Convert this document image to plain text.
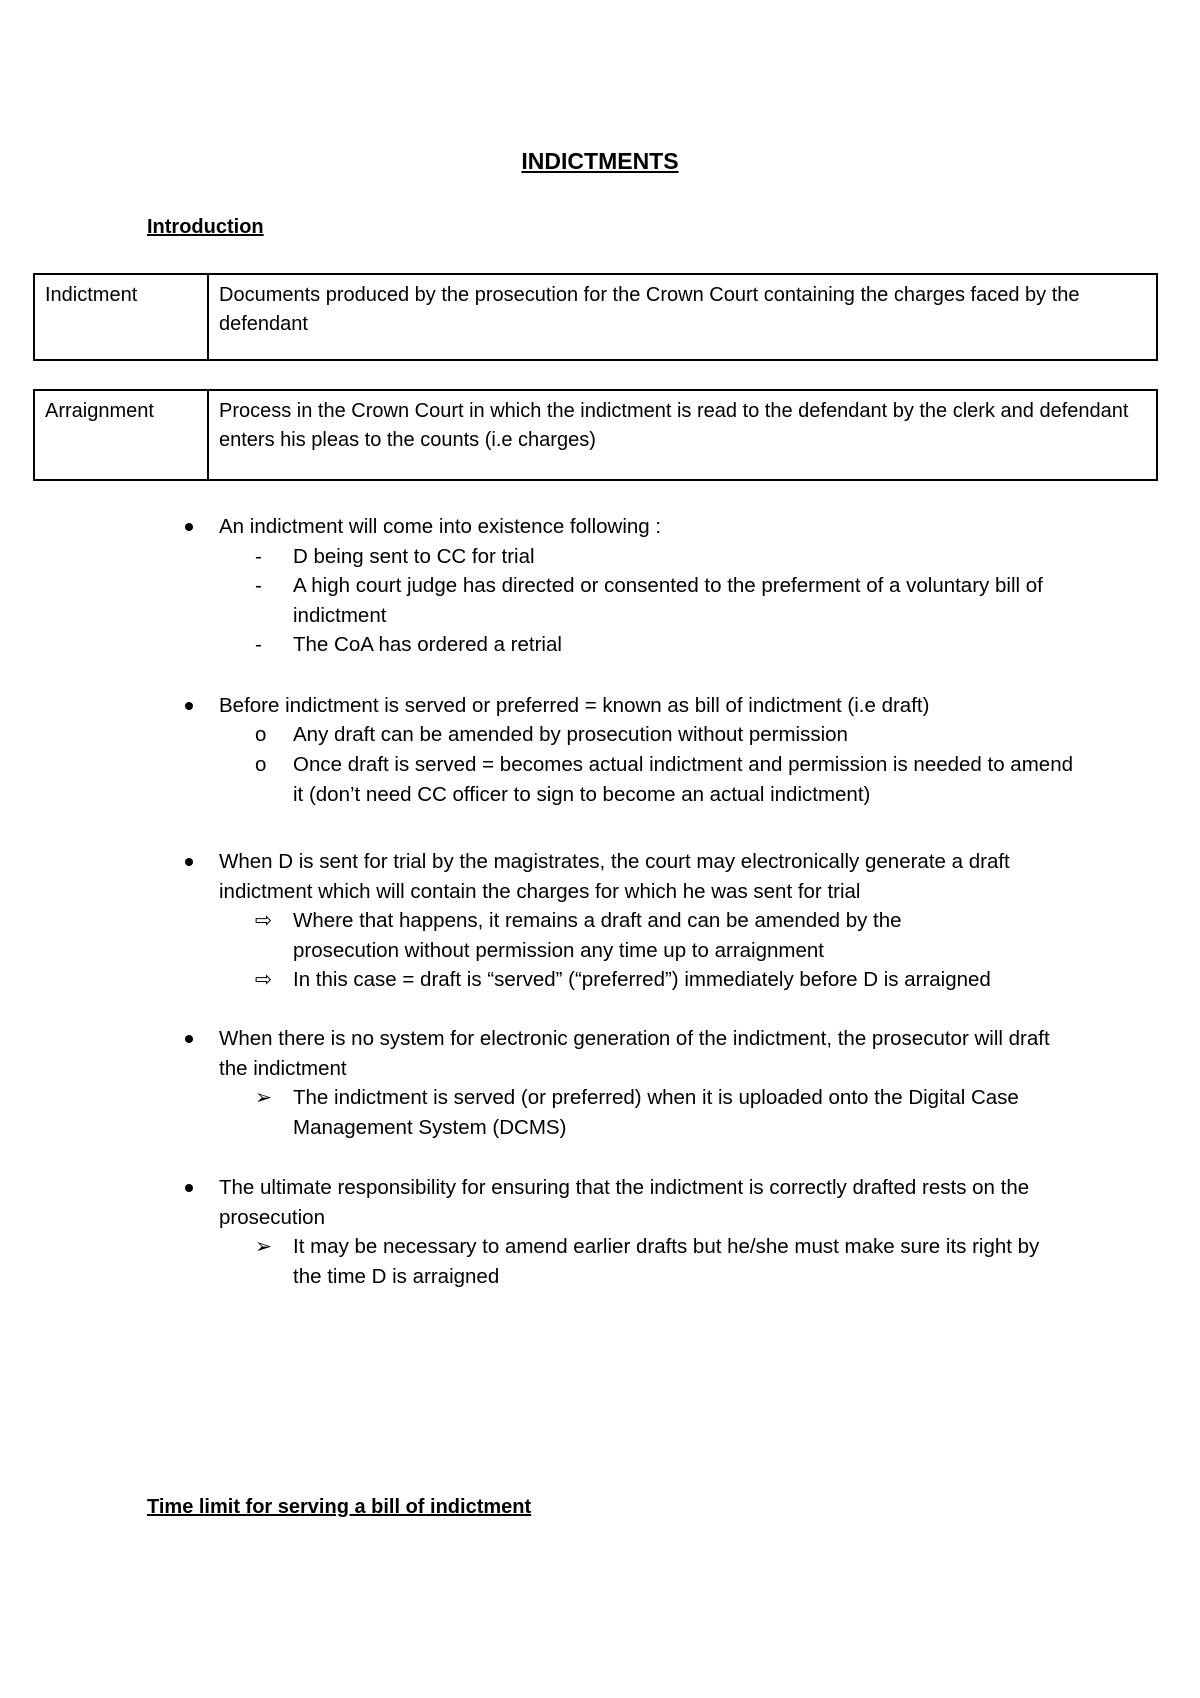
INDICTMENTS
Introduction
Indictment	Documents produced by the prosecution for the Crown Court containing the charges faced by the defendant
Arraignment	Process in the Crown Court in which the indictment is read to the defendant by the clerk and defendant enters his pleas to the counts (i.e charges)
An indictment will come into existence following :
-	D being sent to CC for trial
-	A high court judge has directed or consented to the preferment of a voluntary bill of indictment
-	The CoA has ordered a retrial
Before indictment is served or preferred = known as bill of indictment (i.e draft)
o	Any draft can be amended by prosecution without permission
o	Once draft is served = becomes actual indictment and permission is needed to amend it (don’t need CC officer to sign to become an actual indictment)
When D is sent for trial by the magistrates, the court may electronically generate a draft indictment which will contain the charges for which he was sent for trial
⇨	Where that happens, it remains a draft and can be amended by the prosecution without permission any time up to arraignment
⇨	In this case = draft is “served” (“preferred”) immediately before D is arraigned
When there is no system for electronic generation of the indictment, the prosecutor will draft the indictment
➢	The indictment is served (or preferred) when it is uploaded onto the Digital Case Management System (DCMS)
The ultimate responsibility for ensuring that the indictment is correctly drafted rests on the prosecution
➢	It may be necessary to amend earlier drafts but he/she must make sure its right by the time D is arraigned
Time limit for serving a bill of indictment
